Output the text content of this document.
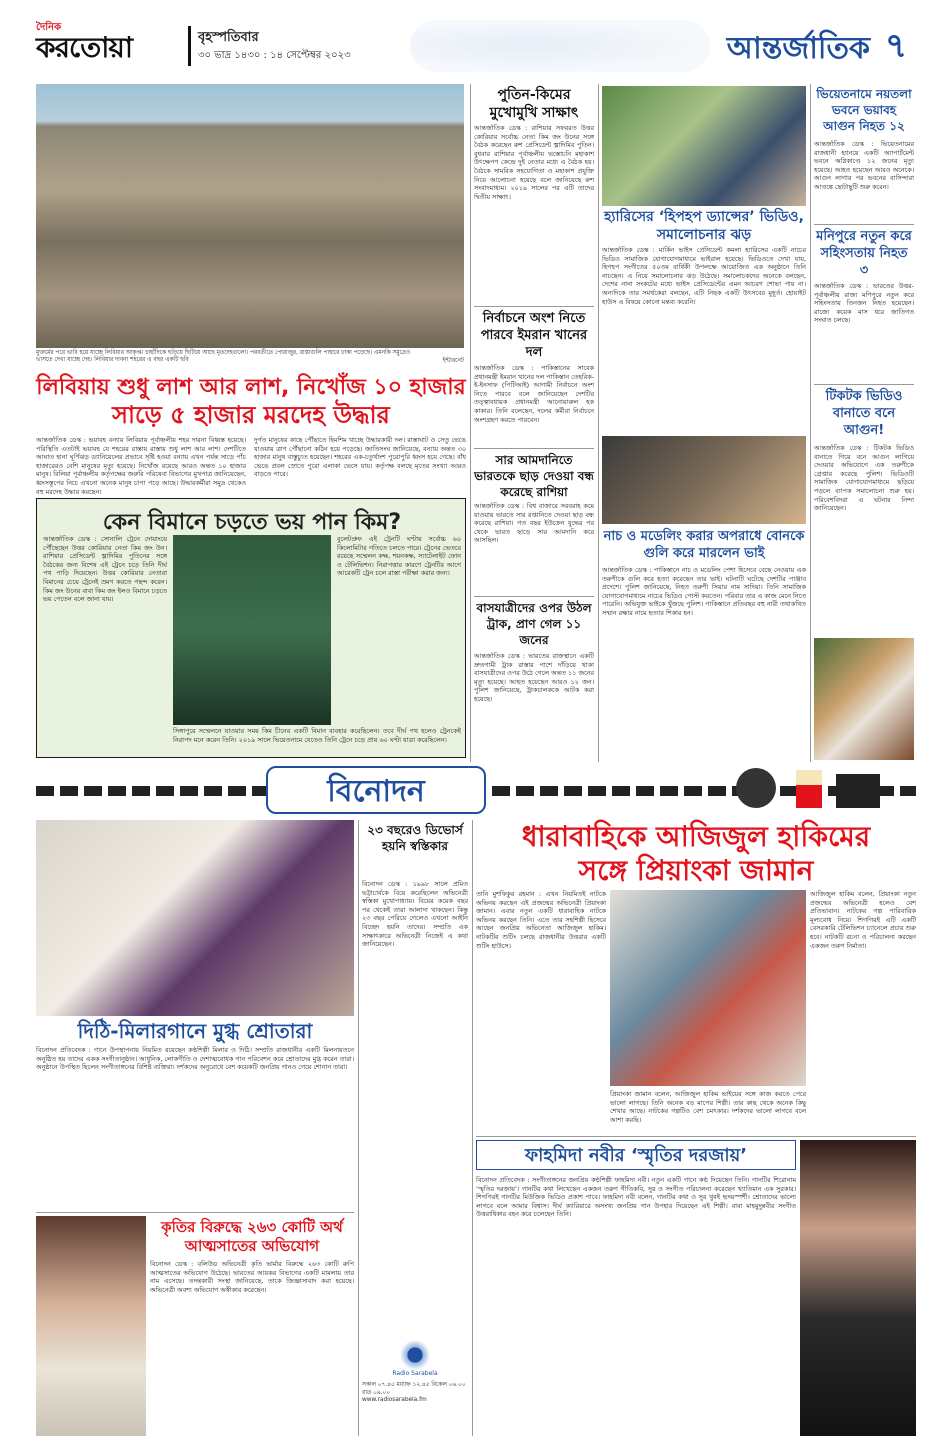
দৈনিক
করতোয়া	বৃহস্পতিবার
৩০ ভাদ্র ১৪৩০ : ১৪ সেপ্টেম্বর ২০২৩	আন্তর্জাতিক ৭
মুক্তর্মের পরে ভাবি হয়ে যাচ্ছে লিবিয়ার আকৃপ্ত। চাহাঁদিকে ছড়িয়ে ছিটিয়ে আছে মৃতদেহগুলো। পরবর্তীতে পোরাজুর, রাস্তাগুলি পাহারে ঢাকা পড়েছে। এমনকি সমুদ্রেও ভাসতে দেখা যাচ্ছে দেহ। লিবিয়ার দাবনা শহরের এ বছর একটি ছবি	ইন্টারনেট
লিবিয়ায় শুধু লাশ আর লাশ, নিখোঁজ ১০ হাজার
সাড়ে ৫ হাজার মরদেহ উদ্ধার
আন্তর্জাতিক ডেস্ক : ভয়াবহ বন্যায় লিবিয়ায় পূর্বাঞ্চলীয় শহর দারনা বিধ্বস্ত হয়েছে। পরিস্থিতি এতটাই ভয়াবহ যে শহরের রাস্তায় রাস্তায় শুধু লাশ আর লাশ। দেশটিতে আঘাত হানা ঘূর্ণিঝড় ড্যানিয়েলের প্রভাবে সৃষ্টি হওয়া বন্যায় এখন পর্যন্ত সাড়ে পাঁচ হাজারেরও বেশি মানুষের মৃত্যু হয়েছে। নিখোঁজ রয়েছে আরও অন্তত ১০ হাজার মানুষ। বিলিয়া পূর্বাঞ্চলীয় কর্তৃপক্ষের জরুরি পরিষেবা বিভাগের মুখপাত্র জানিয়েছেন, ধ্বংসস্তূপের নিচে এখনো অনেক মানুষ চাপা পড়ে আছে। উদ্ধারকর্মীরা সমুদ্র থেকেও বহু মরদেহ উদ্ধার করছেন।
দুর্গত মানুষের কাছে পৌঁছাতে হিমশিম খাচ্ছে উদ্ধারকারী দল। রাস্তাঘাট ও সেতু ভেঙে যাওয়ায় ত্রাণ পৌঁছানো কঠিন হয়ে পড়েছে। জাতিসংঘ জানিয়েছে, বন্যায় অন্তত ৩০ হাজার মানুষ বাস্তুচ্যুত হয়েছেন। শহরের এক-চতুর্থাংশ পুরোপুরি ধ্বংস হয়ে গেছে। বাঁধ ভেঙে প্রবল স্রোতে পুরো এলাকা ভেসে যায়। কর্তৃপক্ষ বলছে মৃতের সংখ্যা আরও বাড়তে পারে।
কেন বিমানে চড়তে ভয় পান কিম?
আন্তর্জাতিক ডেস্ক : সোনালি ট্রেনে দোয়াংয়ে পৌঁছেছেন উত্তর কোরিয়ার নেতা কিম জং উন। রাশিয়ার প্রেসিডেন্ট ভ্লাদিমির পুতিনের সঙ্গে বৈঠকের জন্য বিশেষ এই ট্রেনে চড়ে তিনি দীর্ঘ পথ পাড়ি দিয়েছেন। উত্তর কোরিয়ার নেতারা বিমানের চেয়ে ট্রেনেই ভ্রমণ করতে পছন্দ করেন। কিম জং উনের বাবা কিম জং ইলও বিমানে চড়তে ভয় পেতেন বলে জানা যায়।
বুলেটপ্রুফ এই ট্রেনটি ঘণ্টায় সর্বোচ্চ ৬০ কিলোমিটার গতিতে চলতে পারে। ট্রেনের ভেতরে রয়েছে সম্মেলন কক্ষ, শয়নকক্ষ, স্যাটেলাইট ফোন ও টেলিভিশন। নিরাপত্তার কারণে ট্রেনটির আগে আরেকটি ট্রেন চলে রাস্তা পরীক্ষা করার জন্য।
সিঙ্গাপুরে সম্মেলনে যাওয়ার সময় কিম চীনের একটি বিমান ব্যবহার করেছিলেন। তবে দীর্ঘ পথ হলেও ট্রেনকেই নিরাপদ মনে করেন তিনি। ২০১৯ সালে ভিয়েতনামে যেতেও তিনি ট্রেনে চড়ে প্রায় ৬০ ঘণ্টা যাত্রা করেছিলেন।
পুতিন-কিমের মুখোমুখি সাক্ষাৎ
আন্তর্জাতিক ডেস্ক : রাশিয়ার সফররত উত্তর কোরিয়ার সর্বোচ্চ নেতা কিম জং উনের সঙ্গে বৈঠক করেছেন রুশ প্রেসিডেন্ট ভ্লাদিমির পুতিন। বুধবার রাশিয়ার পূর্বাঞ্চলীয় ভস্তোচনি মহাকাশ উৎক্ষেপণ কেন্দ্রে দুই নেতার মধ্যে এ বৈঠক হয়। বৈঠকে সামরিক সহযোগিতা ও মহাকাশ প্রযুক্তি নিয়ে আলোচনা হয়েছে বলে জানিয়েছে রুশ সংবাদমাধ্যম। ২০১৯ সালের পর এটি তাদের দ্বিতীয় সাক্ষাৎ।
নির্বাচনে অংশ নিতে পারবে ইমরান খানের দল
আন্তর্জাতিক ডেস্ক : পাকিস্তানের সাবেক প্রধানমন্ত্রী ইমরান খানের দল পাকিস্তান তেহরিক-ই-ইনসাফ (পিটিআই) আগামী নির্বাচনে অংশ নিতে পারবে বলে জানিয়েছেন দেশটির তত্ত্বাবধায়ক প্রধানমন্ত্রী আনোয়ারুল হক কাকার। তিনি বলেছেন, দলের কর্মীরা নির্বাচনে অংশগ্রহণ করতে পারবেন।
সার আমদানিতে ভারতকে ছাড় দেওয়া বন্ধ করেছে রাশিয়া
আন্তর্জাতিক ডেস্ক : বিশ্ব বাজারে সরবরাহ কমে যাওয়ায় ভারতে সার রপ্তানিতে দেওয়া ছাড় বন্ধ করেছে রাশিয়া। গত বছর ইউক্রেন যুদ্ধের পর থেকে ভারত ছাড়ে সার আমদানি করে আসছিল।
বাসযাত্রীদের ওপর উঠল ট্রাক, প্রাণ গেল ১১ জনের
আন্তর্জাতিক ডেস্ক : ভারতের রাজস্থানে একটি দ্রুতগামী ট্রাক রাস্তার পাশে দাঁড়িয়ে থাকা বাসযাত্রীদের ওপর উঠে গেলে অন্তত ১১ জনের মৃত্যু হয়েছে। আহত হয়েছেন আরও ১২ জন। পুলিশ জানিয়েছে, ট্রাকচালককে আটক করা হয়েছে।
হ্যারিসের ‘হিপহপ ড্যান্সের’ ভিডিও, সমালোচনার ঝড়
আন্তর্জাতিক ডেস্ক : মার্কিন ভাইস প্রেসিডেন্ট কমলা হ্যারিসের একটি নাচের ভিডিও সামাজিক যোগাযোগমাধ্যমে ভাইরাল হয়েছে। ভিডিওতে দেখা যায়, হিপহপ সংগীতের ৫০তম বার্ষিকী উপলক্ষে আয়োজিত এক অনুষ্ঠানে তিনি নাচছেন। এ নিয়ে সমালোচনার ঝড় উঠেছে। সমালোচকদের অনেকে বলছেন, দেশের নানা সংকটের মধ্যে ভাইস প্রেসিডেন্টের এমন আচরণ শোভা পায় না। অন্যদিকে তার সমর্থকেরা বলছেন, এটি নিছক একটি উৎসবের মুহূর্ত। হোয়াইট হাউস এ বিষয়ে কোনো মন্তব্য করেনি।
নাচ ও মডেলিং করার অপরাধে বোনকে গুলি করে মারলেন ভাই
আন্তর্জাতিক ডেস্ক : পাকিস্তানে নাচ ও মডেলিং পেশা হিসেবে বেছে নেওয়ায় এক তরুণীকে গুলি করে হত্যা করেছেন তার ভাই। ঘটনাটি ঘটেছে দেশটির পাঞ্জাব প্রদেশে। পুলিশ জানিয়েছে, নিহত তরুণী সিয়ার নাম সাদিয়া। তিনি সামাজিক যোগাযোগমাধ্যমে নাচের ভিডিও পোস্ট করতেন। পরিবার তার এ কাজ মেনে নিতে পারেনি। অভিযুক্ত ভাইকে খুঁজছে পুলিশ। পাকিস্তানে প্রতিবছর বহু নারী তথাকথিত সম্মান রক্ষার নামে হত্যার শিকার হন।
ভিয়েতনামে নয়তলা ভবনে ভয়াবহ আগুন নিহত ১২
আন্তর্জাতিক ডেস্ক : ভিয়েতনামের রাজধানী হ্যানয়ে একটি অ্যাপার্টমেন্ট ভবনে অগ্নিকাণ্ডে ১২ জনের মৃত্যু হয়েছে। আহত হয়েছেন আরও অনেকে। আগুন লাগার পর ভবনের বাসিন্দারা আতঙ্কে ছোটাছুটি শুরু করেন।
মনিপুরে নতুন করে সহিংসতায় নিহত ৩
আন্তর্জাতিক ডেস্ক : ভারতের উত্তর-পূর্বাঞ্চলীয় রাজ্য মণিপুরে নতুন করে সহিংসতায় তিনজন নিহত হয়েছেন। রাজ্যে কয়েক মাস ধরে জাতিগত সংঘাত চলছে।
টিকটক ভিডিও বানাতে বনে আগুন!
আন্তর্জাতিক ডেস্ক : টিকটক ভিডিও বানাতে গিয়ে বনে আগুন লাগিয়ে দেওয়ার অভিযোগে এক তরুণীকে গ্রেপ্তার করেছে পুলিশ। ভিডিওটি সামাজিক যোগাযোগমাধ্যমে ছড়িয়ে পড়লে ব্যাপক সমালোচনা শুরু হয়। পরিবেশবিদরা এ ঘটনার নিন্দা জানিয়েছেন।
বিনোদন
দিঠি-মিলারগানে মুগ্ধ শ্রোতারা
বিনোদন প্রতিবেদক : গানে উপস্থাপনায় নিয়মিত রয়েছেন কণ্ঠশিল্পী মিলার ও দিঠি। সম্প্রতি রাজধানীর একটি মিলনায়তনে অনুষ্ঠিত হয় তাদের একক সংগীতানুষ্ঠান। আধুনিক, লোকগীতি ও দেশাত্মবোধক গান পরিবেশন করে শ্রোতাদের মুগ্ধ করেন তারা। অনুষ্ঠানে উপস্থিত ছিলেন সংগীতাঙ্গনের বিশিষ্ট ব্যক্তিরা। দর্শকদের অনুরোধে বেশ কয়েকটি জনপ্রিয় গানও গেয়ে শোনান তারা।
কৃতির বিরুদ্ধে ২৬৩ কোটি অর্থ আত্মসাতের অভিযোগ
বিনোদন ডেস্ক : বলিউড অভিনেত্রী কৃতি ভার্মার বিরুদ্ধে ২৬৩ কোটি রুপি আত্মসাতের অভিযোগ উঠেছে। ভারতের আয়কর বিভাগের একটি মামলায় তার নাম এসেছে। তদন্তকারী সংস্থা জানিয়েছে, তাকে জিজ্ঞাসাবাদ করা হয়েছে। অভিনেত্রী অবশ্য অভিযোগ অস্বীকার করেছেন।
২৩ বছরেও ডিভোর্স হয়নি স্বস্তিকার
বিনোদন ডেস্ক : ১৯৯৮ সালে প্রমিত ভট্টাচার্যকে বিয়ে করেছিলেন অভিনেত্রী স্বস্তিকা মুখোপাধ্যায়। বিয়ের কয়েক বছর পর থেকেই তারা আলাদা থাকছেন। কিন্তু ২৩ বছর পেরিয়ে গেলেও এখনো আইনি বিচ্ছেদ হয়নি তাদের। সম্প্রতি এক সাক্ষাৎকারে অভিনেত্রী নিজেই এ কথা জানিয়েছেন।
Radio Sarabela
সকাল ০৭.৪৫ মধ্যাহ্ন ১২.৪৫ বিকেল ০৬.০০ রাত ০৯.০০
www.radiosarabela.fm
ধারাবাহিকে আজিজুল হাকিমের
সঙ্গে প্রিয়াংকা জামান
তানি মুশফিকুর রহমান : এখন নিয়মিতই নাটকে অভিনয় করছেন এই প্রজন্মের অভিনেত্রী প্রিয়াংকা জামান। এবার নতুন একটি ধারাবাহিক নাটকে অভিনয় করছেন তিনি। এতে তার সহশিল্পী হিসেবে আছেন জনপ্রিয় অভিনেতা আজিজুল হাকিম। নাটকটির শুটিং চলছে রাজধানীর উত্তরার একটি শুটিং হাউসে।
প্রিয়াংকা জামান বলেন, আজিজুল হাকিম ভাইয়ের সঙ্গে কাজ করতে পেরে ভালো লাগছে। তিনি অনেক বড় মাপের শিল্পী। তার কাছ থেকে অনেক কিছু শেখার আছে। নাটকের গল্পটিও বেশ চমৎকার। দর্শকদের ভালো লাগবে বলে আশা করছি।
আজিজুল হাকিম বলেন, প্রিয়াংকা নতুন প্রজন্মের অভিনেত্রী হলেও বেশ প্রতিভাবান। নাটকের গল্প পারিবারিক মূল্যবোধ নিয়ে। শিগগিরই এটি একটি বেসরকারি টেলিভিশন চ্যানেলে প্রচার শুরু হবে। নাটকটি রচনা ও পরিচালনা করছেন একজন তরুণ নির্মাতা।
ফাহমিদা নবীর ‘স্মৃতির দরজায়’
বিনোদন প্রতিবেদক : সংগীতাঙ্গনের জনপ্রিয় কণ্ঠশিল্পী ফাহমিদা নবী। নতুন একটি গানে কণ্ঠ দিয়েছেন তিনি। গানটির শিরোনাম ‘স্মৃতির দরজায়’। গানটির কথা লিখেছেন একজন তরুণ গীতিকবি, সুর ও সংগীত পরিচালনা করেছেন খ্যাতিমান এক সুরকার। শিগগিরই গানটির মিউজিক ভিডিও প্রকাশ পাবে। ফাহমিদা নবী বলেন, গানটির কথা ও সুর খুবই হৃদয়স্পর্শী। শ্রোতাদের ভালো লাগবে বলে আমার বিশ্বাস। দীর্ঘ ক্যারিয়ারে অসংখ্য জনপ্রিয় গান উপহার দিয়েছেন এই শিল্পী। বাবা মাহমুদুন্নবীর সংগীত উত্তরাধিকার বহন করে চলেছেন তিনি।
